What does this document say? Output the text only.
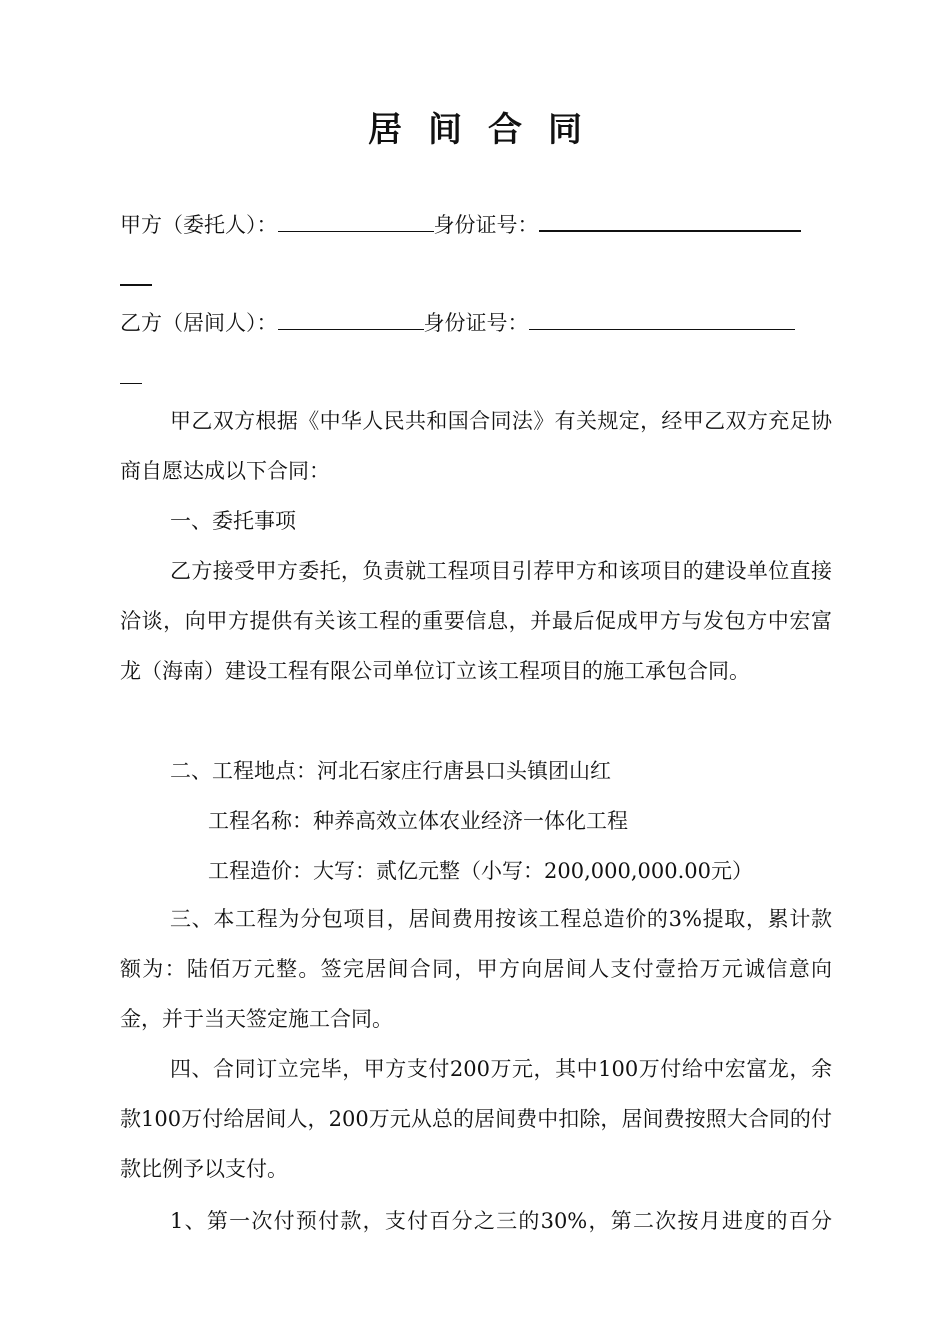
居间合同
甲方（委托人）：	身份证号：
乙方（居间人）：	身份证号：
甲乙双方根据《中华人民共和国合同法》有关规定，经甲乙双方充足协商自愿达成以下合同：
一、委托事项
乙方接受甲方委托，负责就工程项目引荐甲方和该项目的建设单位直接洽谈，向甲方提供有关该工程的重要信息，并最后促成甲方与发包方中宏富龙（海南）建设工程有限公司单位订立该工程项目的施工承包合同。
二、工程地点：河北石家庄行唐县口头镇团山红
工程名称：种养高效立体农业经济一体化工程
工程造价：大写：贰亿元整（小写：200,000,000.00元）
三、本工程为分包项目，居间费用按该工程总造价的3%提取，累计款额为：陆佰万元整。签完居间合同，甲方向居间人支付壹拾万元诚信意向金，并于当天签定施工合同。
四、合同订立完毕，甲方支付200万元，其中100万付给中宏富龙，余款100万付给居间人，200万元从总的居间费中扣除，居间费按照大合同的付款比例予以支付。
1、第一次付预付款，支付百分之三的30%，第二次按月进度的百分
